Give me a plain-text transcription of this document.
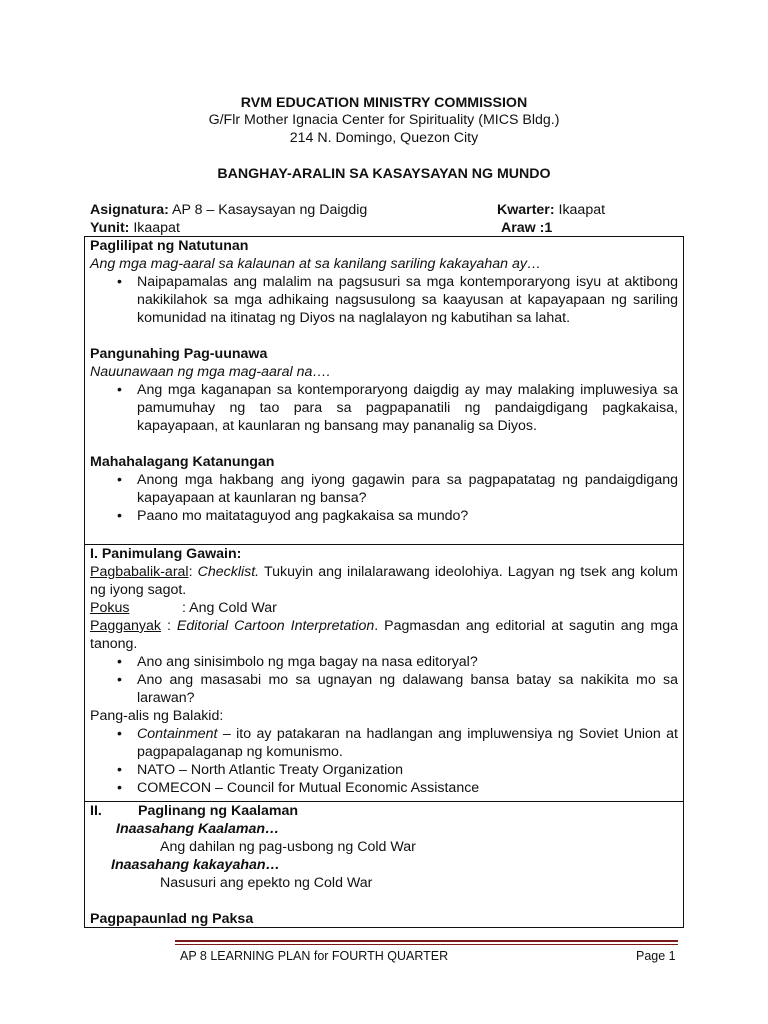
RVM EDUCATION MINISTRY COMMISSION
G/Flr Mother Ignacia Center for Spirituality (MICS Bldg.)
214 N. Domingo, Quezon City
BANGHAY-ARALIN SA KASAYSAYAN NG MUNDO
Asignatura: AP 8 – Kasaysayan ng Daigdig	Kwarter: Ikaapat
Yunit: Ikaapat	Araw :1
Paglilipat ng Natutunan
Ang mga mag-aaral sa kalaunan at sa kanilang sariling kakayahan ay…
• Naipapamalas ang malalim na pagsusuri sa mga kontemporaryong isyu at aktibong nakikilahok sa mga adhikaing nagsusulong sa kaayusan at kapayapaan ng sariling komunidad na itinatag ng Diyos na naglalayon ng kabutihan sa lahat.
Pangunahing Pag-uunawa
Nauunawaan ng mga mag-aaral na….
• Ang mga kaganapan sa kontemporaryong daigdig ay may malaking impluwesiya sa pamumuhay ng tao para sa pagpapanatili ng pandaigdigang pagkakaisa, kapayapaan, at kaunlaran ng bansang may pananalig sa Diyos.
Mahahalagang Katanungan
• Anong mga hakbang ang iyong gagawin para sa pagpapatatag ng pandaigdigang kapayapaan at kaunlaran ng bansa?
• Paano mo maitataguyod ang pagkakaisa sa mundo?
I. Panimulang Gawain:
Pagbabalik-aral: Checklist. Tukuyin ang inilalarawang ideolohiya. Lagyan ng tsek ang kolum ng iyong sagot.
Pokus	: Ang Cold War
Pagganyak : Editorial Cartoon Interpretation. Pagmasdan ang editorial at sagutin ang mga tanong.
• Ano ang sinisimbolo ng mga bagay na nasa editoryal?
• Ano ang masasabi mo sa ugnayan ng dalawang bansa batay sa nakikita mo sa larawan?
Pang-alis ng Balakid:
• Containment – ito ay patakaran na hadlangan ang impluwensiya ng Soviet Union at pagpapalaganap ng komunismo.
• NATO – North Atlantic Treaty Organization
• COMECON – Council for Mutual Economic Assistance
II.	Paglinang ng Kaalaman
Inaasahang Kaalaman…
Ang dahilan ng pag-usbong ng Cold War
Inaasahang kakayahan…
Nasusuri ang epekto ng Cold War
Pagpapaunlad ng Paksa
AP 8 LEARNING PLAN for FOURTH QUARTER	Page 1
